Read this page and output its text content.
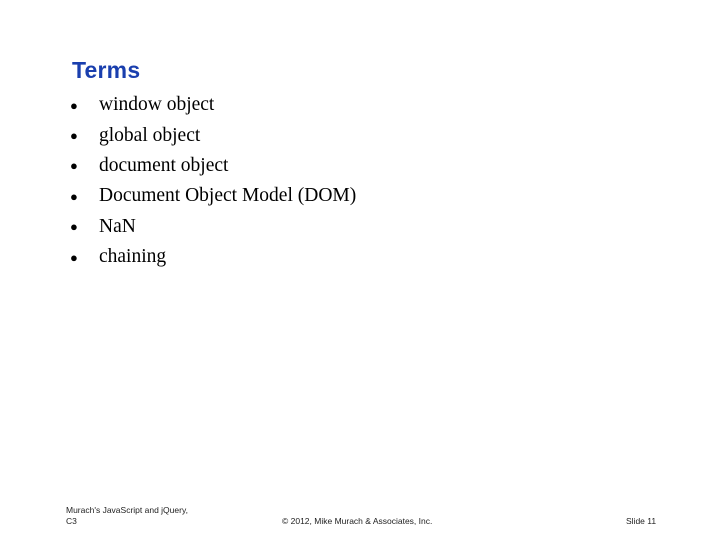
Terms
●	window object
●	global object
●	document object
●	Document Object Model (DOM)
●	NaN
●	chaining
Murach's JavaScript and jQuery,
C3	© 2012, Mike Murach & Associates, Inc.	Slide 11
